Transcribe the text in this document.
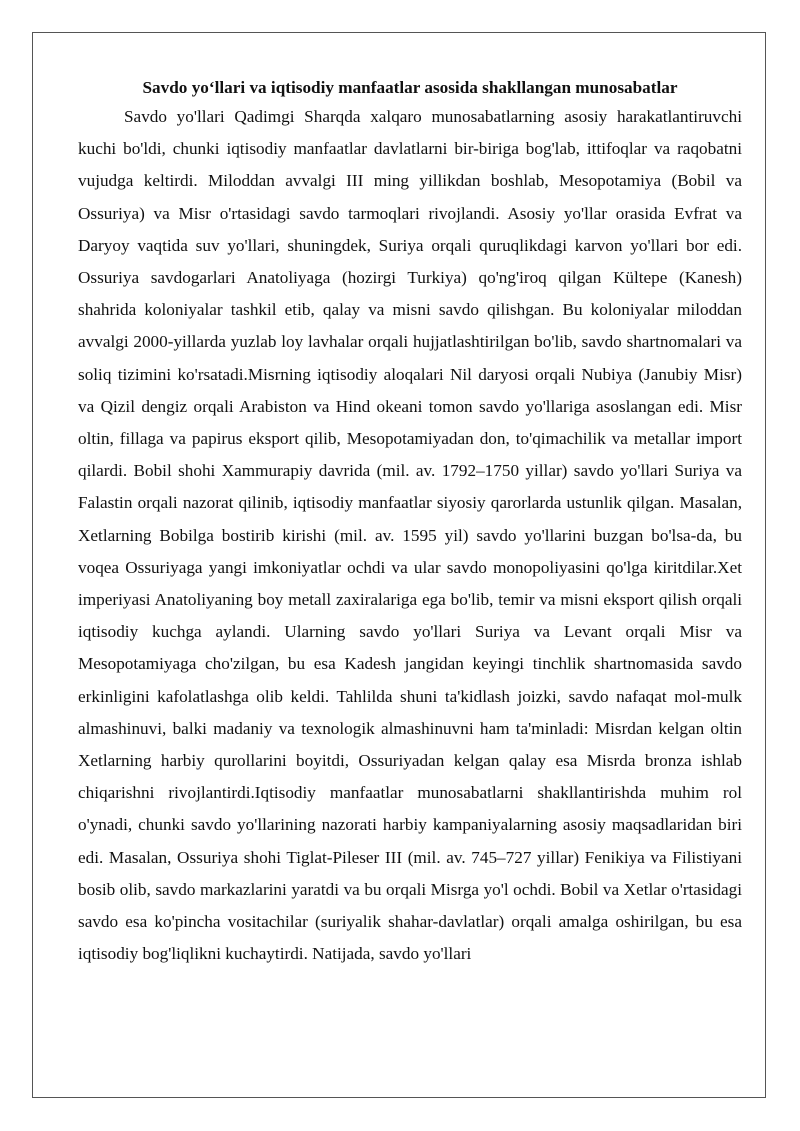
Savdo yo‘llari va iqtisodiy manfaatlar asosida shakllangan munosabatlar

Savdo yo'llari Qadimgi Sharqda xalqaro munosabatlarning asosiy harakatlantiruvchi kuchi bo'ldi, chunki iqtisodiy manfaatlar davlatlarni bir-biriga bog'lab, ittifoqlar va raqobatni vujudga keltirdi. Miloddan avvalgi III ming yillikdan boshlab, Mesopotamiya (Bobil va Ossuriya) va Misr o'rtasidagi savdo tarmoqlari rivojlandi. Asosiy yo'llar orasida Evfrat va Daryoy vaqtida suv yo'llari, shuningdek, Suriya orqali quruqlikdagi karvon yo'llari bor edi. Ossuriya savdogarlari Anatoliyaga (hozirgi Turkiya) qo'ng'iroq qilgan Kültepe (Kanesh) shahrida koloniyalar tashkil etib, qalay va misni savdo qilishgan. Bu koloniyalar miloddan avvalgi 2000-yillarda yuzlab loy lavhalar orqali hujjatlashtirilgan bo'lib, savdo shartnomalari va soliq tizimini ko'rsatadi.Misrning iqtisodiy aloqalari Nil daryosi orqali Nubiya (Janubiy Misr) va Qizil dengiz orqali Arabiston va Hind okeani tomon savdo yo'llariga asoslangan edi. Misr oltin, fillaga va papirus eksport qilib, Mesopotamiyadan don, to'qimachilik va metallar import qilardi. Bobil shohi Xammurapiy davrida (mil. av. 1792–1750 yillar) savdo yo'llari Suriya va Falastin orqali nazorat qilinib, iqtisodiy manfaatlar siyosiy qarorlarda ustunlik qilgan. Masalan, Xetlarning Bobilga bostirib kirishi (mil. av. 1595 yil) savdo yo'llarini buzgan bo'lsa-da, bu voqea Ossuriyaga yangi imkoniyatlar ochdi va ular savdo monopoliyasini qo'lga kiritdilar.Xet imperiyasi Anatoliyaning boy metall zaxiralariga ega bo'lib, temir va misni eksport qilish orqali iqtisodiy kuchga aylandi. Ularning savdo yo'llari Suriya va Levant orqali Misr va Mesopotamiyaga cho'zilgan, bu esa Kadesh jangidan keyingi tinchlik shartnomasida savdo erkinligini kafolatlashga olib keldi. Tahlilda shuni ta'kidlash joizki, savdo nafaqat mol-mulk almashinuvi, balki madaniy va texnologik almashinuvni ham ta'minladi: Misrdan kelgan oltin Xetlarning harbiy qurollarini boyitdi, Ossuriyadan kelgan qalay esa Misrda bronza ishlab chiqarishni rivojlantirdi.Iqtisodiy manfaatlar munosabatlarni shakllantirishda muhim rol o'ynadi, chunki savdo yo'llarining nazorati harbiy kampaniyalarning asosiy maqsadlaridan biri edi. Masalan, Ossuriya shohi Tiglat-Pileser III (mil. av. 745–727 yillar) Fenikiya va Filistiyani bosib olib, savdo markazlarini yaratdi va bu orqali Misrga yo'l ochdi. Bobil va Xetlar o'rtasidagi savdo esa ko'pincha vositachilar (suriyalik shahar-davlatlar) orqali amalga oshirilgan, bu esa iqtisodiy bog'liqlikni kuchaytirdi. Natijada, savdo yo'llari
